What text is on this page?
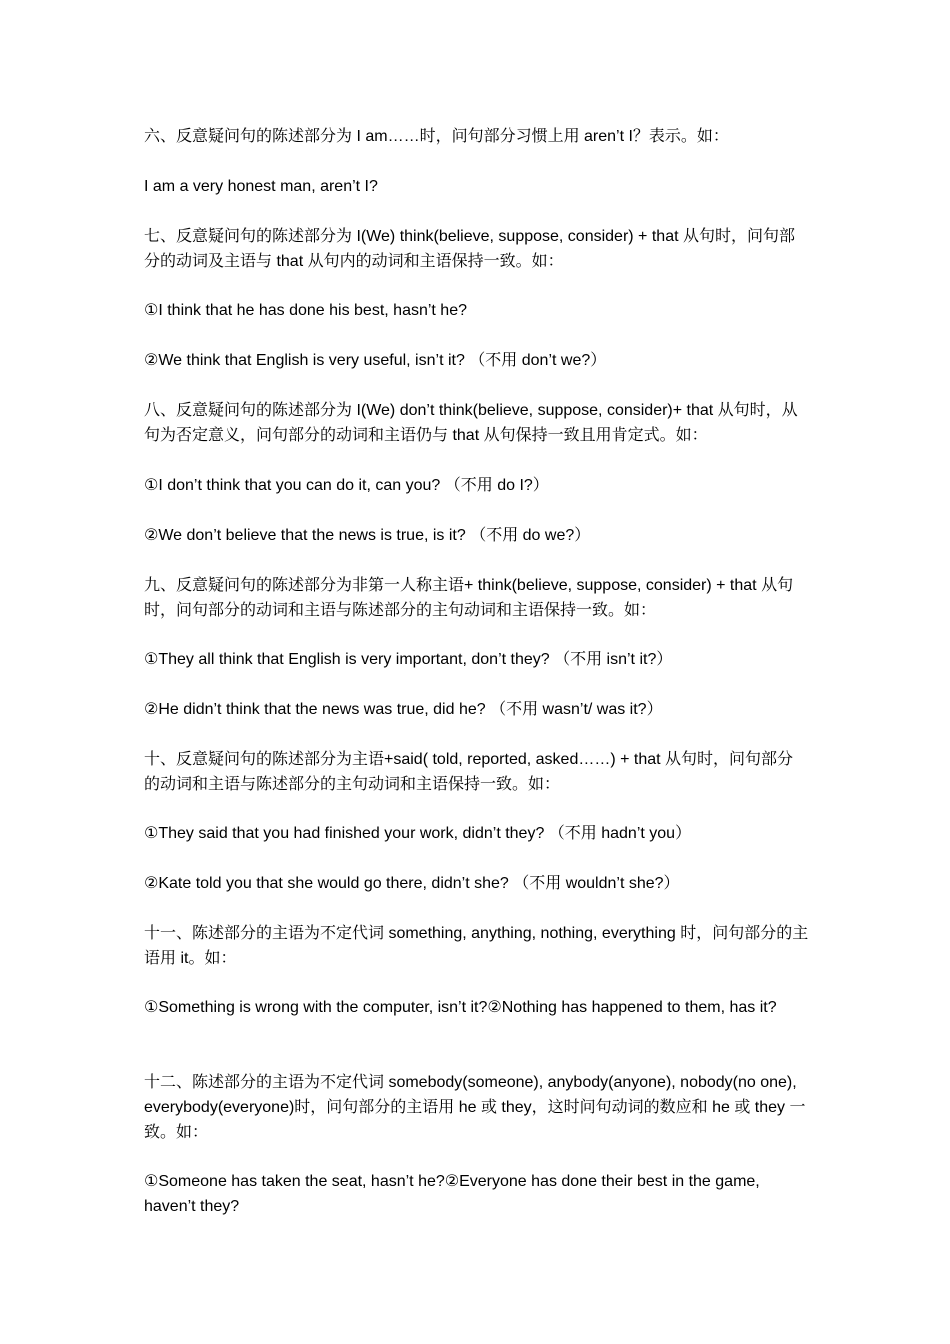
六、反意疑问句的陈述部分为 I am……时，问句部分习惯上用 aren’t I？表示。如：

I am a very honest man, aren’t I?

七、反意疑问句的陈述部分为 I(We) think(believe, suppose, consider) + that 从句时，问句部分的动词及主语与 that 从句内的动词和主语保持一致。如：

①I think that he has done his best, hasn’t he?

②We think that English is very useful, isn’t it? （不用 don’t we?）

八、反意疑问句的陈述部分为 I(We) don’t think(believe, suppose, consider)+ that 从句时，从句为否定意义，问句部分的动词和主语仍与 that 从句保持一致且用肯定式。如：

①I don’t think that you can do it, can you? （不用 do I?）

②We don’t believe that the news is true, is it? （不用 do we?）

九、反意疑问句的陈述部分为非第一人称主语+ think(believe, suppose, consider) + that 从句时，问句部分的动词和主语与陈述部分的主句动词和主语保持一致。如：

①They all think that English is very important, don’t they? （不用 isn’t it?）

②He didn’t think that the news was true, did he? （不用 wasn’t/ was it?）

十、反意疑问句的陈述部分为主语+said( told, reported, asked……) + that 从句时，问句部分的动词和主语与陈述部分的主句动词和主语保持一致。如：

①They said that you had finished your work, didn’t they? （不用 hadn’t you）

②Kate told you that she would go there, didn’t she? （不用 wouldn’t she?）

十一、陈述部分的主语为不定代词 something, anything, nothing, everything 时，问句部分的主语用 it。如：

①Something is wrong with the computer, isn’t it?②Nothing has happened to them, has it?

十二、陈述部分的主语为不定代词 somebody(someone), anybody(anyone), nobody(no one), everybody(everyone)时，问句部分的主语用 he 或 they，这时问句动词的数应和 he 或 they 一致。如：

①Someone has taken the seat, hasn’t he?②Everyone has done their best in the game, haven’t they?
